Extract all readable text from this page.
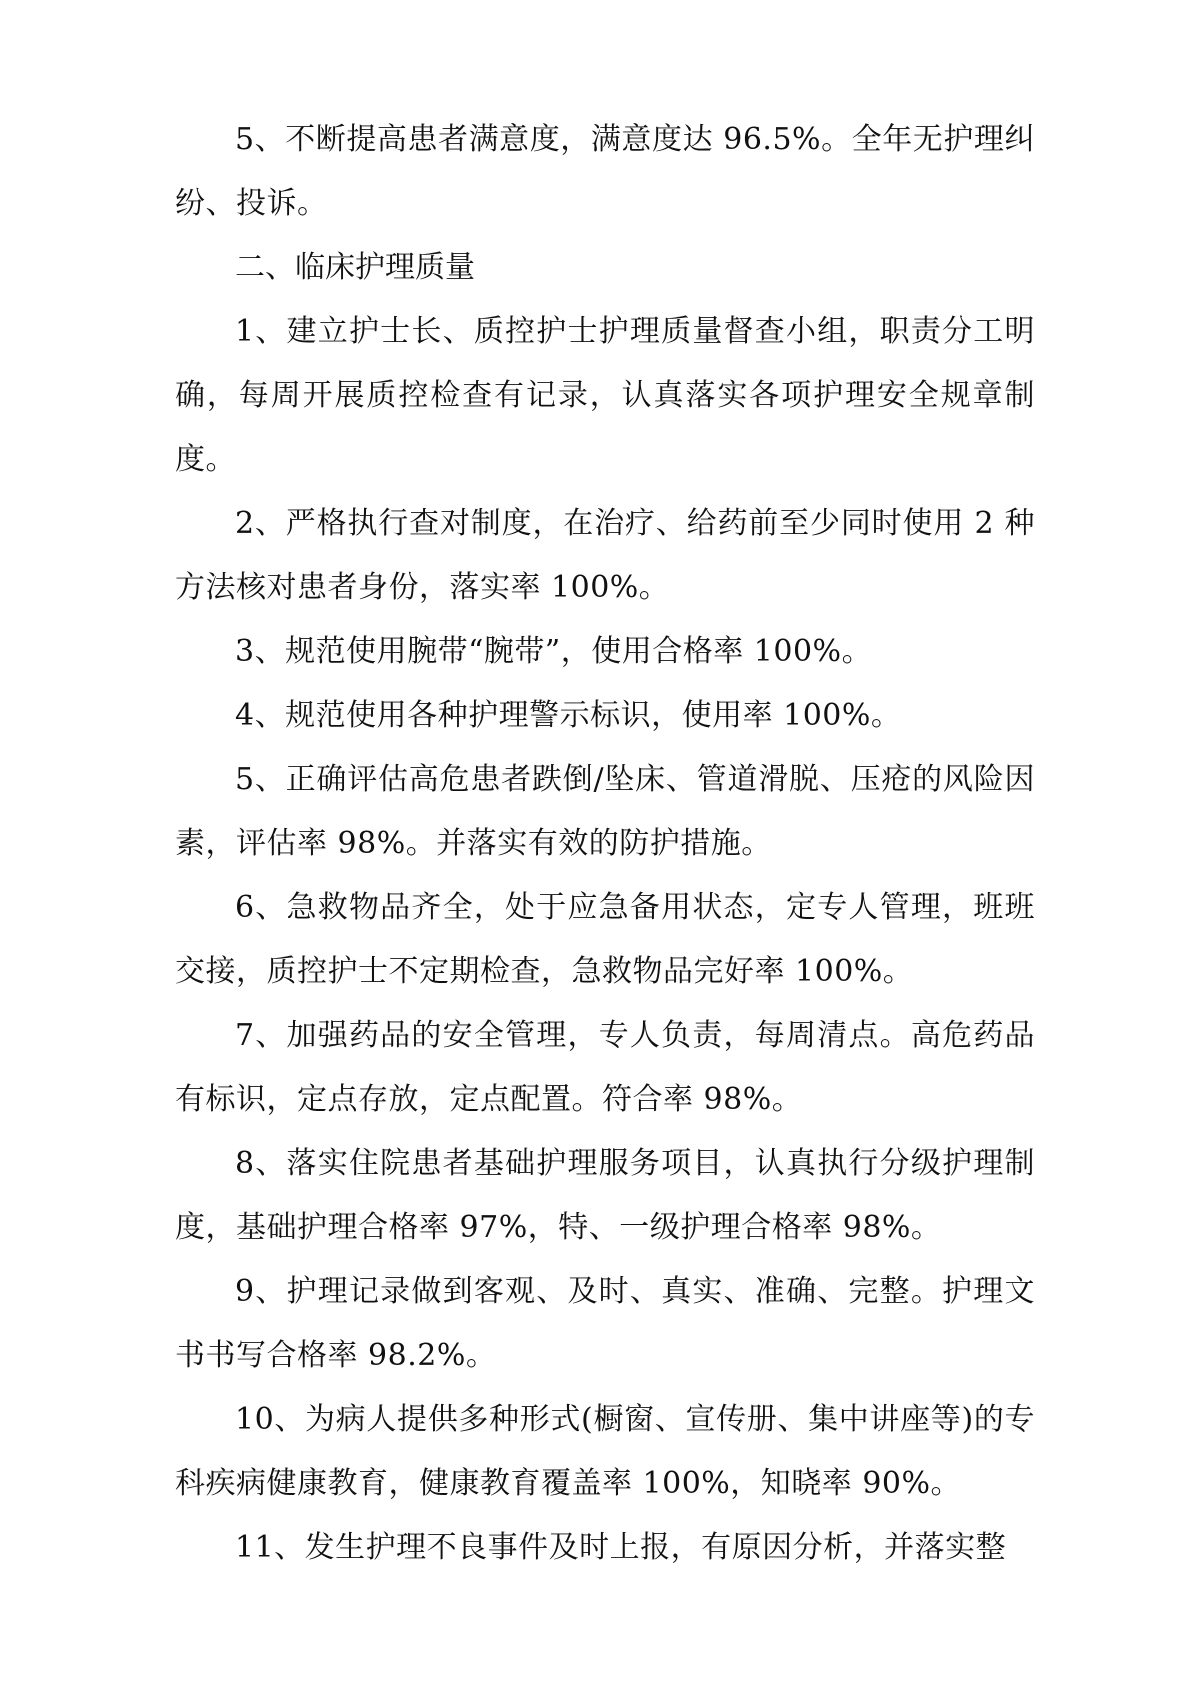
5、不断提高患者满意度，满意度达 96.5%。全年无护理纠纷、投诉。

二、临床护理质量

1、建立护士长、质控护士护理质量督查小组，职责分工明确，每周开展质控检查有记录，认真落实各项护理安全规章制度。

2、严格执行查对制度，在治疗、给药前至少同时使用 2 种方法核对患者身份，落实率 100%。

3、规范使用腕带“腕带”，使用合格率 100%。

4、规范使用各种护理警示标识，使用率 100%。

5、正确评估高危患者跌倒/坠床、管道滑脱、压疮的风险因素，评估率 98%。并落实有效的防护措施。

6、急救物品齐全，处于应急备用状态，定专人管理，班班交接，质控护士不定期检查，急救物品完好率 100%。

7、加强药品的安全管理，专人负责，每周清点。高危药品有标识，定点存放，定点配置。符合率 98%。

8、落实住院患者基础护理服务项目，认真执行分级护理制度，基础护理合格率 97%，特、一级护理合格率 98%。

9、护理记录做到客观、及时、真实、准确、完整。护理文书书写合格率 98.2%。

10、为病人提供多种形式(橱窗、宣传册、集中讲座等)的专科疾病健康教育，健康教育覆盖率 100%，知晓率 90%。

11、发生护理不良事件及时上报，有原因分析，并落实整
